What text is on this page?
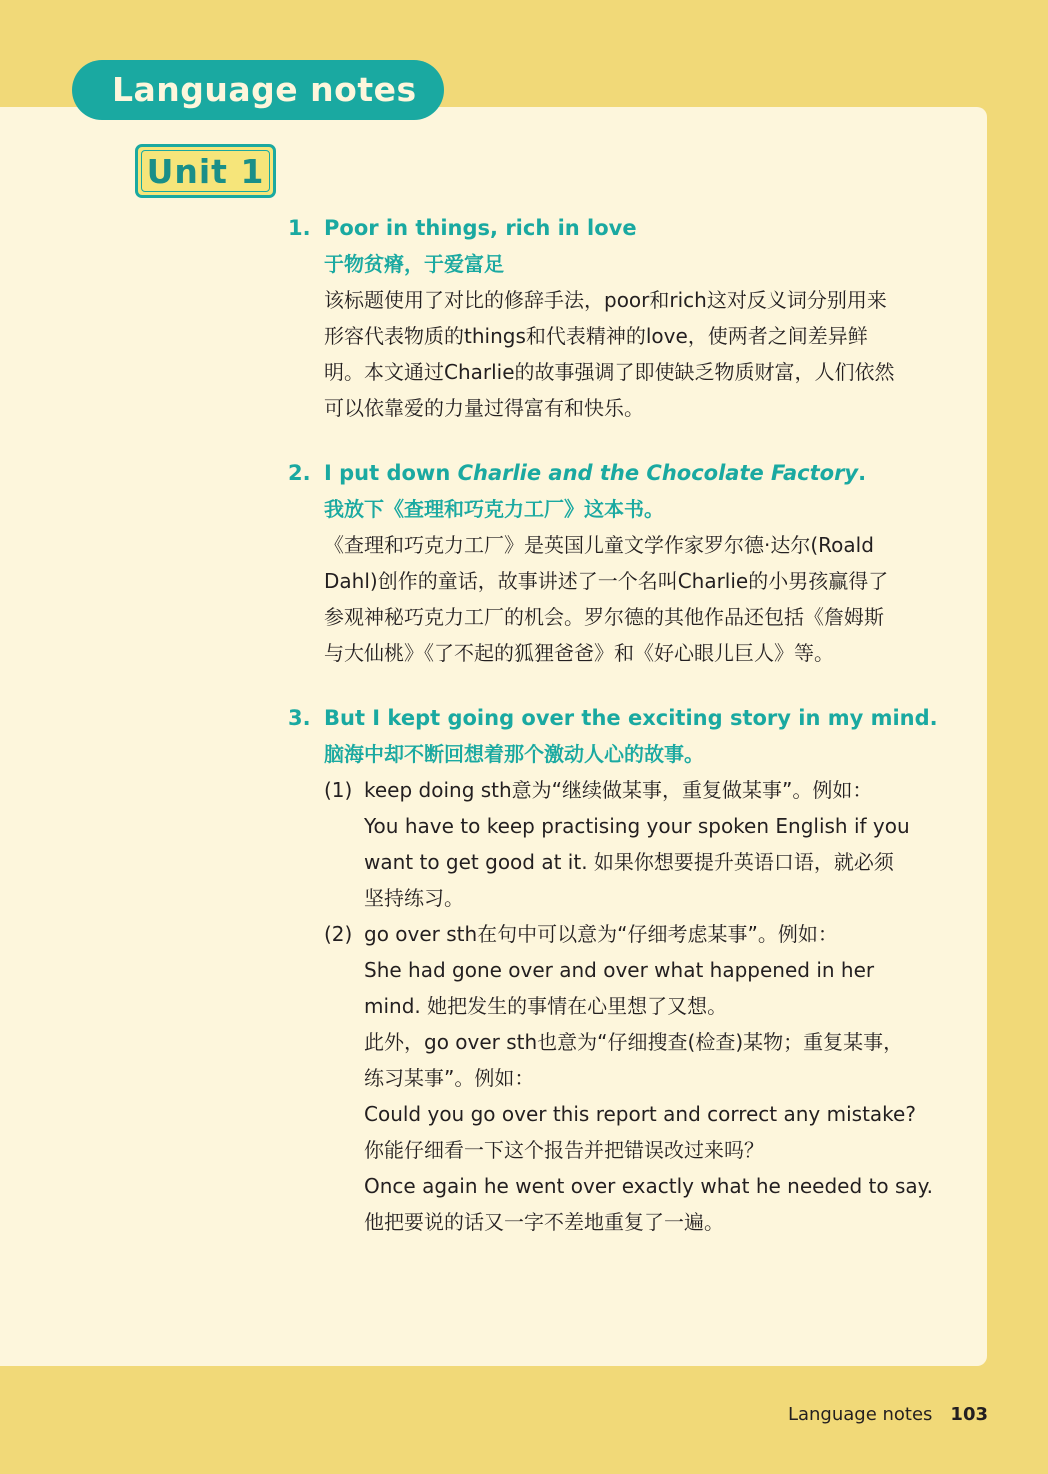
Language notes
Unit 1
1. Poor in things, rich in love
于物贫瘠，于爱富足
该标题使用了对比的修辞手法，poor和rich这对反义词分别用来
形容代表物质的things和代表精神的love，使两者之间差异鲜
明。本文通过Charlie的故事强调了即使缺乏物质财富，人们依然
可以依靠爱的力量过得富有和快乐。
2. I put down Charlie and the Chocolate Factory.
我放下《查理和巧克力工厂》这本书。
《查理和巧克力工厂》是英国儿童文学作家罗尔德·达尔(Roald
Dahl)创作的童话，故事讲述了一个名叫Charlie的小男孩赢得了
参观神秘巧克力工厂的机会。罗尔德的其他作品还包括《詹姆斯
与大仙桃》《了不起的狐狸爸爸》和《好心眼儿巨人》等。
3. But I kept going over the exciting story in my mind.
脑海中却不断回想着那个激动人心的故事。
(1) keep doing sth意为“继续做某事，重复做某事”。例如：
You have to keep practising your spoken English if you
want to get good at it. 如果你想要提升英语口语，就必须
坚持练习。
(2) go over sth在句中可以意为“仔细考虑某事”。例如：
She had gone over and over what happened in her
mind. 她把发生的事情在心里想了又想。
此外，go over sth也意为“仔细搜查(检查)某物；重复某事，
练习某事”。例如：
Could you go over this report and correct any mistake?
你能仔细看一下这个报告并把错误改过来吗？
Once again he went over exactly what he needed to say.
他把要说的话又一字不差地重复了一遍。
Language notes 103
